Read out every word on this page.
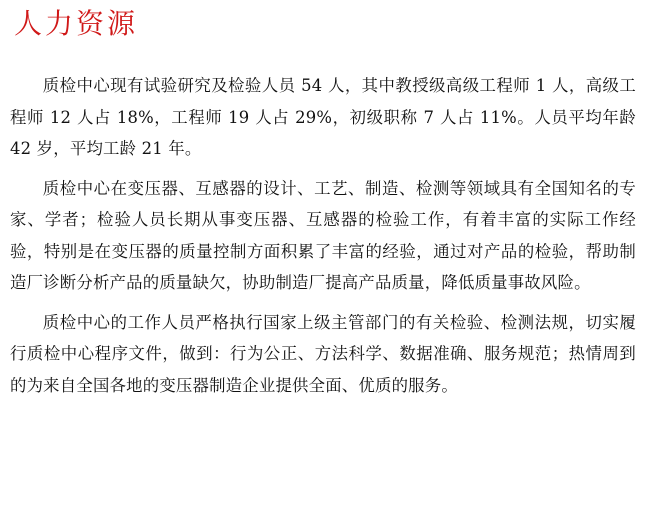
人力资源

质检中心现有试验研究及检验人员 54 人，其中教授级高级工程师 1 人，高级工程师 12 人占 18%，工程师 19 人占 29%，初级职称 7 人占 11%。人员平均年龄 42 岁，平均工龄 21 年。

质检中心在变压器、互感器的设计、工艺、制造、检测等领域具有全国知名的专家、学者；检验人员长期从事变压器、互感器的检验工作，有着丰富的实际工作经验，特别是在变压器的质量控制方面积累了丰富的经验，通过对产品的检验，帮助制造厂诊断分析产品的质量缺欠，协助制造厂提高产品质量，降低质量事故风险。

质检中心的工作人员严格执行国家上级主管部门的有关检验、检测法规，切实履行质检中心程序文件，做到：行为公正、方法科学、数据准确、服务规范；热情周到的为来自全国各地的变压器制造企业提供全面、优质的服务。
